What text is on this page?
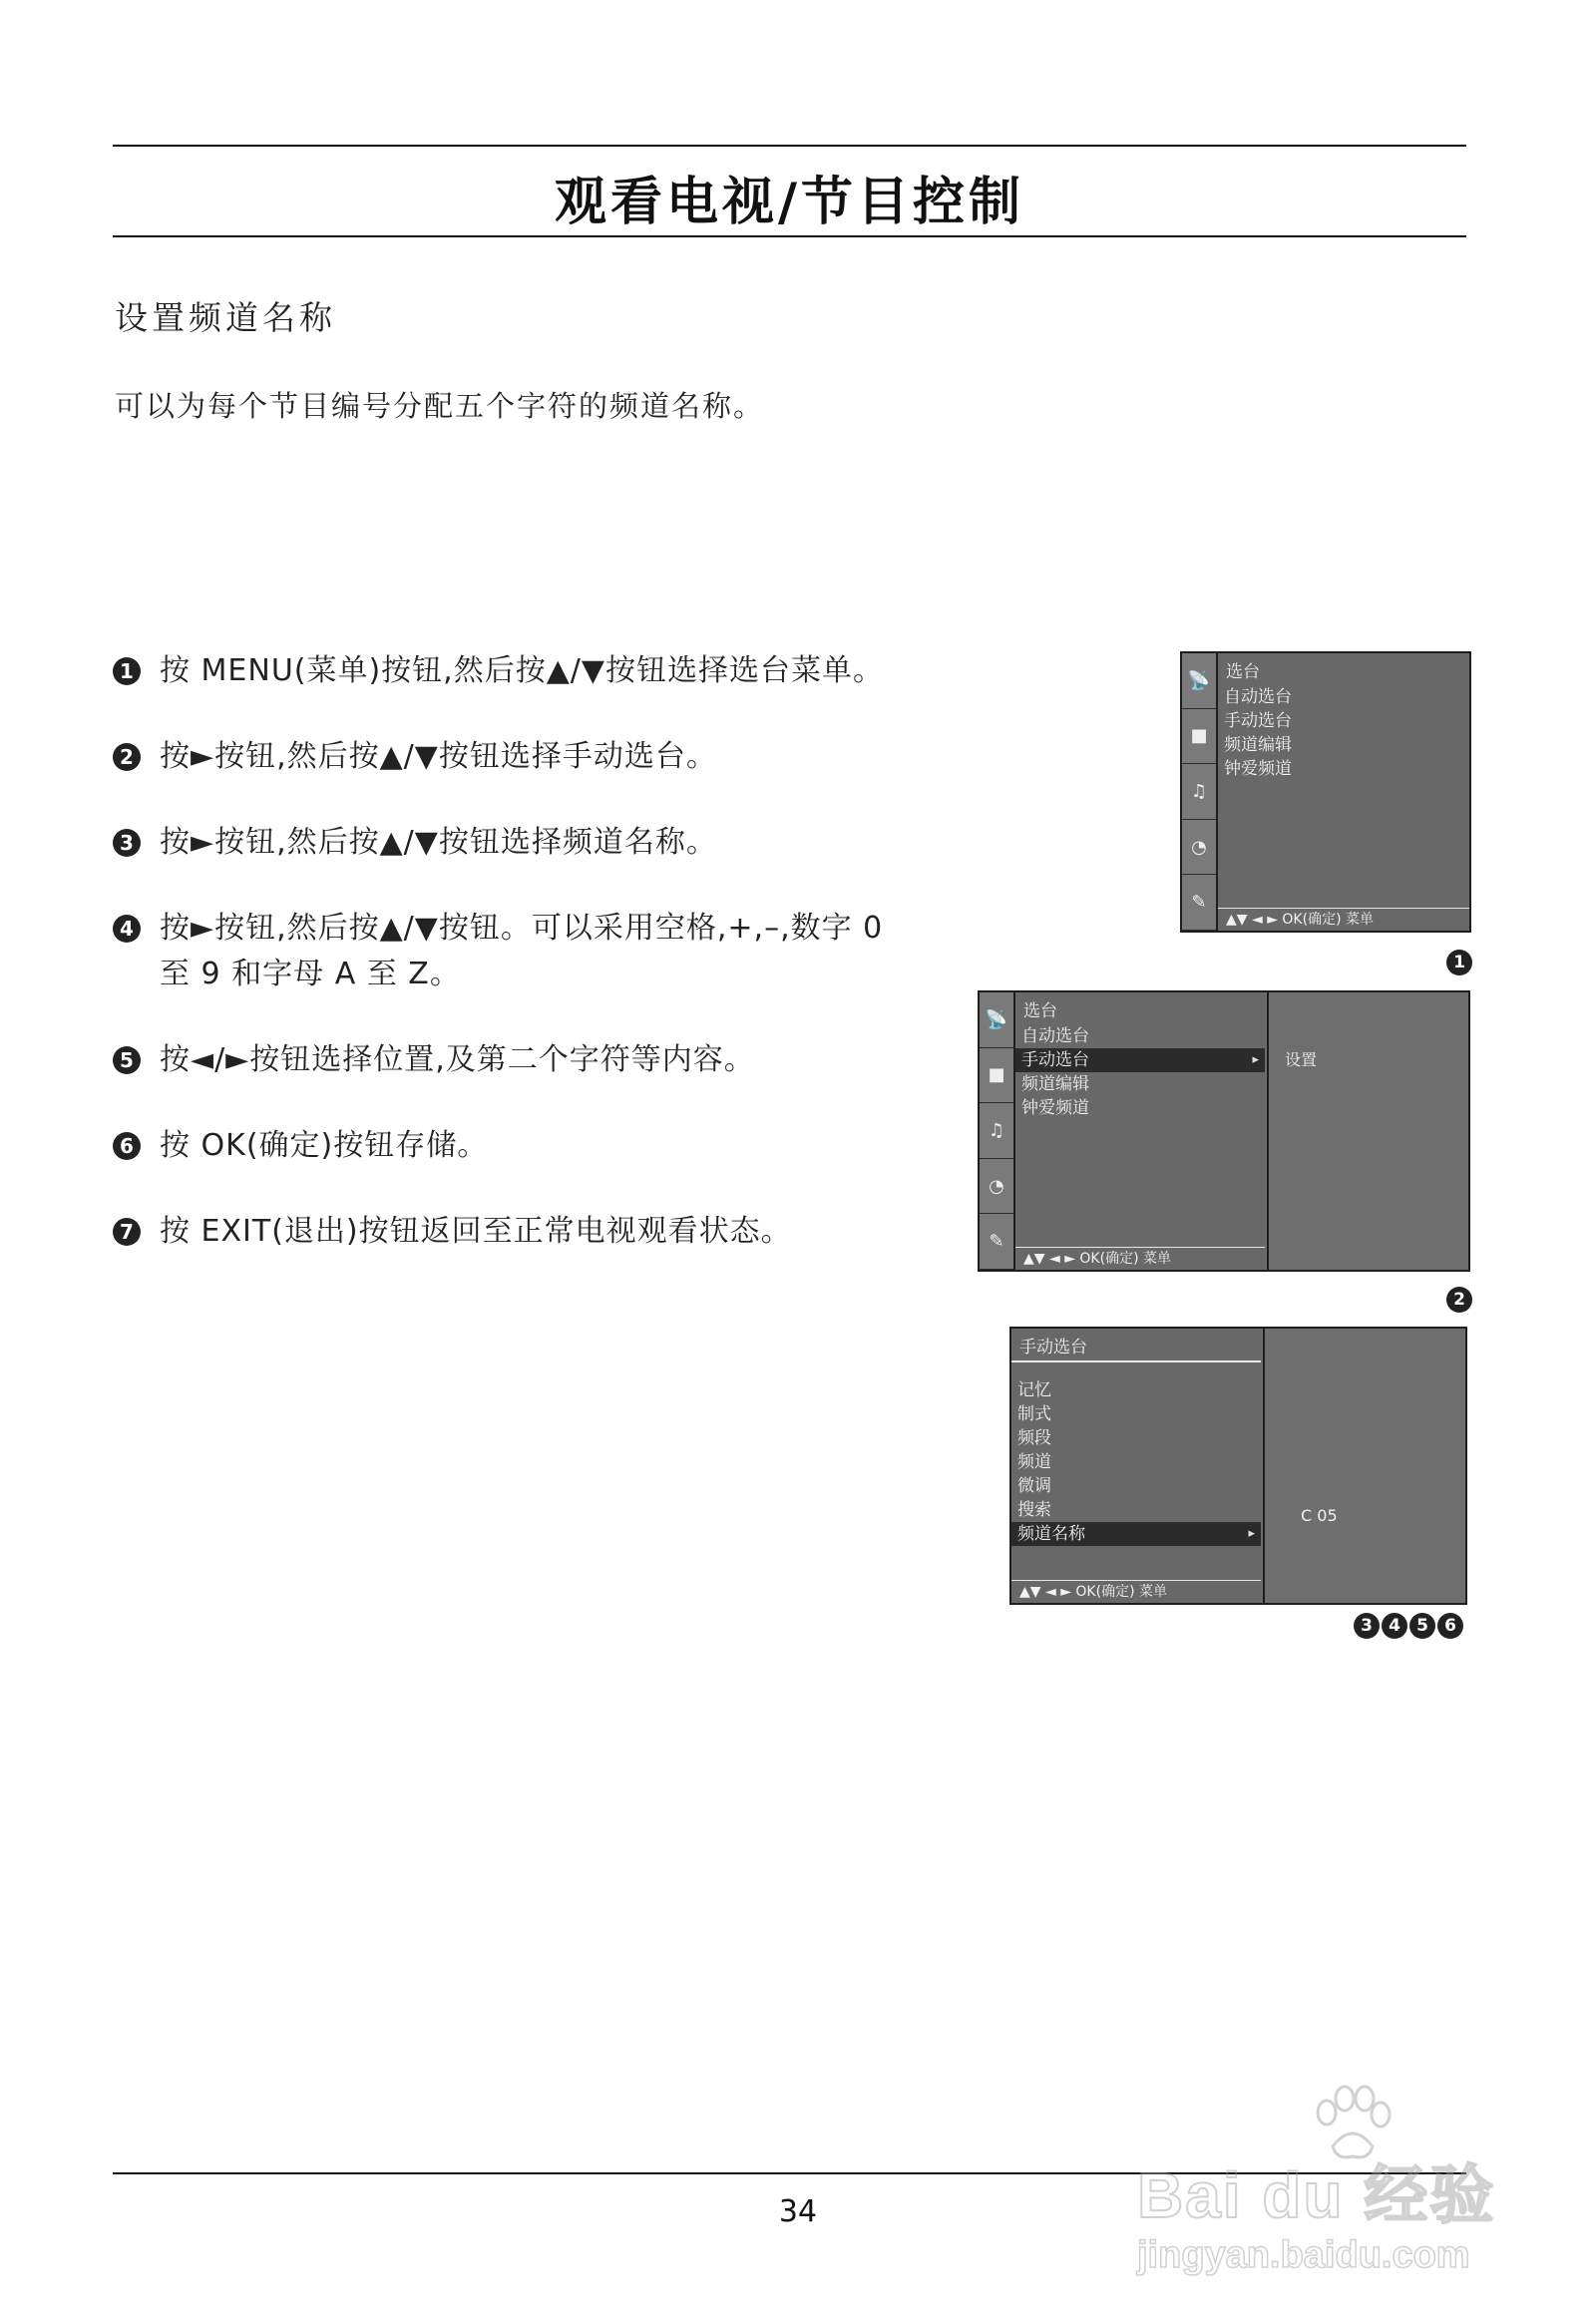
观看电视/节目控制
设置频道名称
可以为每个节目编号分配五个字符的频道名称。
1 按 MENU(菜单)按钮,然后按▲/▼按钮选择选台菜单。
2 按►按钮,然后按▲/▼按钮选择手动选台。
3 按►按钮,然后按▲/▼按钮选择频道名称。
4 按►按钮,然后按▲/▼按钮。可以采用空格,+,–,数字 0
至 9 和字母 A 至 Z。
5 按◄/►按钮选择位置,及第二个字符等内容。
6 按 OK(确定)按钮存储。
7 按 EXIT(退出)按钮返回至正常电视观看状态。
📡
■
♫
◔
✎
选台
自动选台
手动选台
频道编辑
钟爱频道
▲▼ ◄ ► OK(确定) 菜单
1
📡
■
♫
◔
✎
选台
自动选台
手动选台 ▸
频道编辑
钟爱频道
▲▼ ◄ ► OK(确定) 菜单
设置
2
手动选台
记忆
制式
频段
频道
微调
搜索
频道名称 ▸
▲▼ ◄ ► OK(确定) 菜单
C 05
3 4 5 6
34	Bai du 经验
jingyan.baidu.com
